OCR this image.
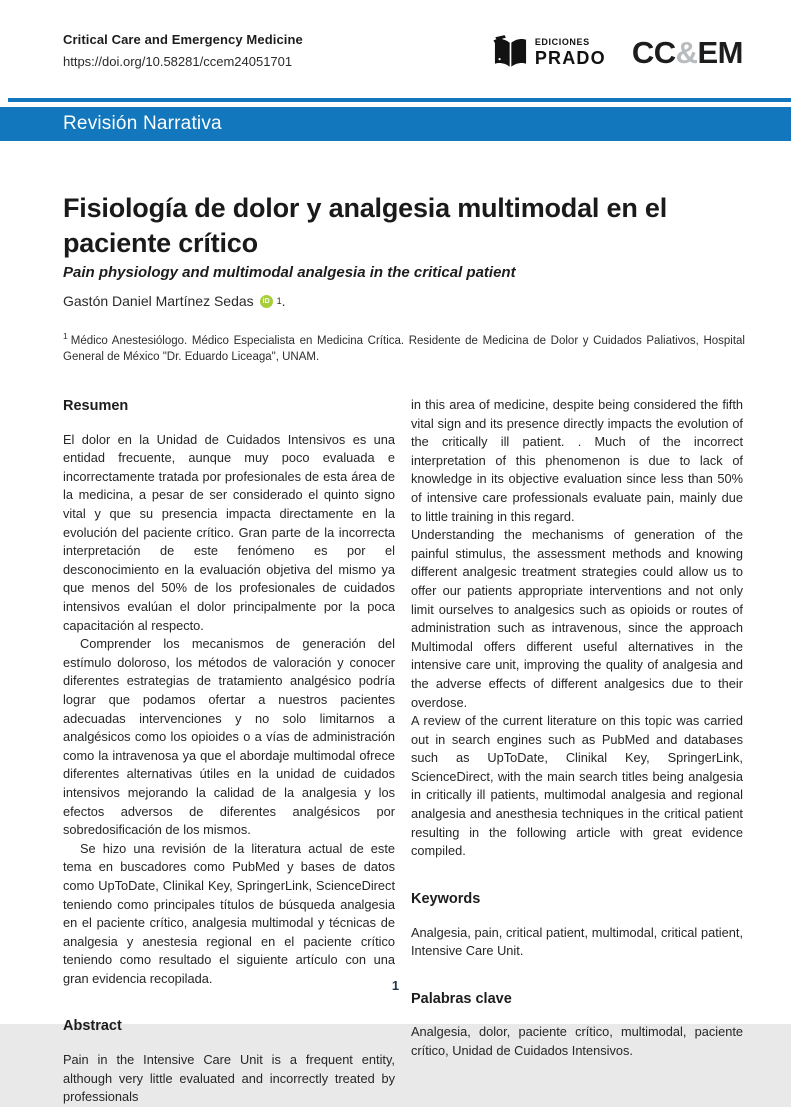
Critical Care and Emergency Medicine
https://doi.org/10.58281/ccem24051701
EDICIONES
PRADO CC&EM
Revisión Narrativa
Fisiología de dolor y analgesia multimodal en el paciente crítico
Pain physiology and multimodal analgesia in the critical patient
Gastón Daniel Martínez Sedas	iD 1 .
$^1$ Médico Anestesiólogo. Médico Especialista en Medicina Crítica. Residente de Medicina de Dolor y Cuidados Paliativos, Hospital General de México "Dr. Eduardo Liceaga", UNAM.
Resumen

El dolor en la Unidad de Cuidados Intensivos es una entidad frecuente, aunque muy poco evaluada e incorrectamente tratada por profesionales de esta área de la medicina, a pesar de ser considerado el quinto signo vital y que su presencia impacta directamente en la evolución del paciente crítico. Gran parte de la incorrecta interpretación de este fenómeno es por el desconocimiento en la evaluación objetiva del mismo ya que menos del 50% de los profesionales de cuidados intensivos evalúan el dolor principalmente por la poca capacitación al respecto.

Comprender los mecanismos de generación del estímulo doloroso, los métodos de valoración y conocer diferentes estrategias de tratamiento analgésico podría lograr que podamos ofertar a nuestros pacientes adecuadas intervenciones y no solo limitarnos a analgésicos como los opioides o a vías de administración como la intravenosa ya que el abordaje multimodal ofrece diferentes alternativas útiles en la unidad de cuidados intensivos mejorando la calidad de la analgesia y los efectos adversos de diferentes analgésicos por sobredosificación de los mismos.

Se hizo una revisión de la literatura actual de este tema en buscadores como PubMed y bases de datos como UpToDate, Clinikal Key, SpringerLink, ScienceDirect teniendo como principales títulos de búsqueda analgesia en el paciente crítico, analgesia multimodal y técnicas de analgesia y anestesia regional en el paciente crítico teniendo como resultado el siguiente artículo con una gran evidencia recopilada.

Abstract

Pain in the Intensive Care Unit is a frequent entity, although very little evaluated and incorrectly treated by professionals

in this area of medicine, despite being considered the fifth vital sign and its presence directly impacts the evolution of the critically ill patient. . Much of the incorrect interpretation of this phenomenon is due to lack of knowledge in its objective evaluation since less than 50% of intensive care professionals evaluate pain, mainly due to little training in this regard.

Understanding the mechanisms of generation of the painful stimulus, the assessment methods and knowing different analgesic treatment strategies could allow us to offer our patients appropriate interventions and not only limit ourselves to analgesics such as opioids or routes of administration such as intravenous, since the approach Multimodal offers different useful alternatives in the intensive care unit, improving the quality of analgesia and the adverse effects of different analgesics due to their overdose.

A review of the current literature on this topic was carried out in search engines such as PubMed and databases such as UpToDate, Clinikal Key, SpringerLink, ScienceDirect, with the main search titles being analgesia in critically ill patients, multimodal analgesia and regional analgesia and anesthesia techniques in the critical patient resulting in the following article with great evidence compiled.

Keywords

Analgesia, pain, critical patient, multimodal, critical patient, Intensive Care Unit.

Palabras clave

Analgesia, dolor, paciente crítico, multimodal, paciente crítico, Unidad de Cuidados Intensivos.

1
